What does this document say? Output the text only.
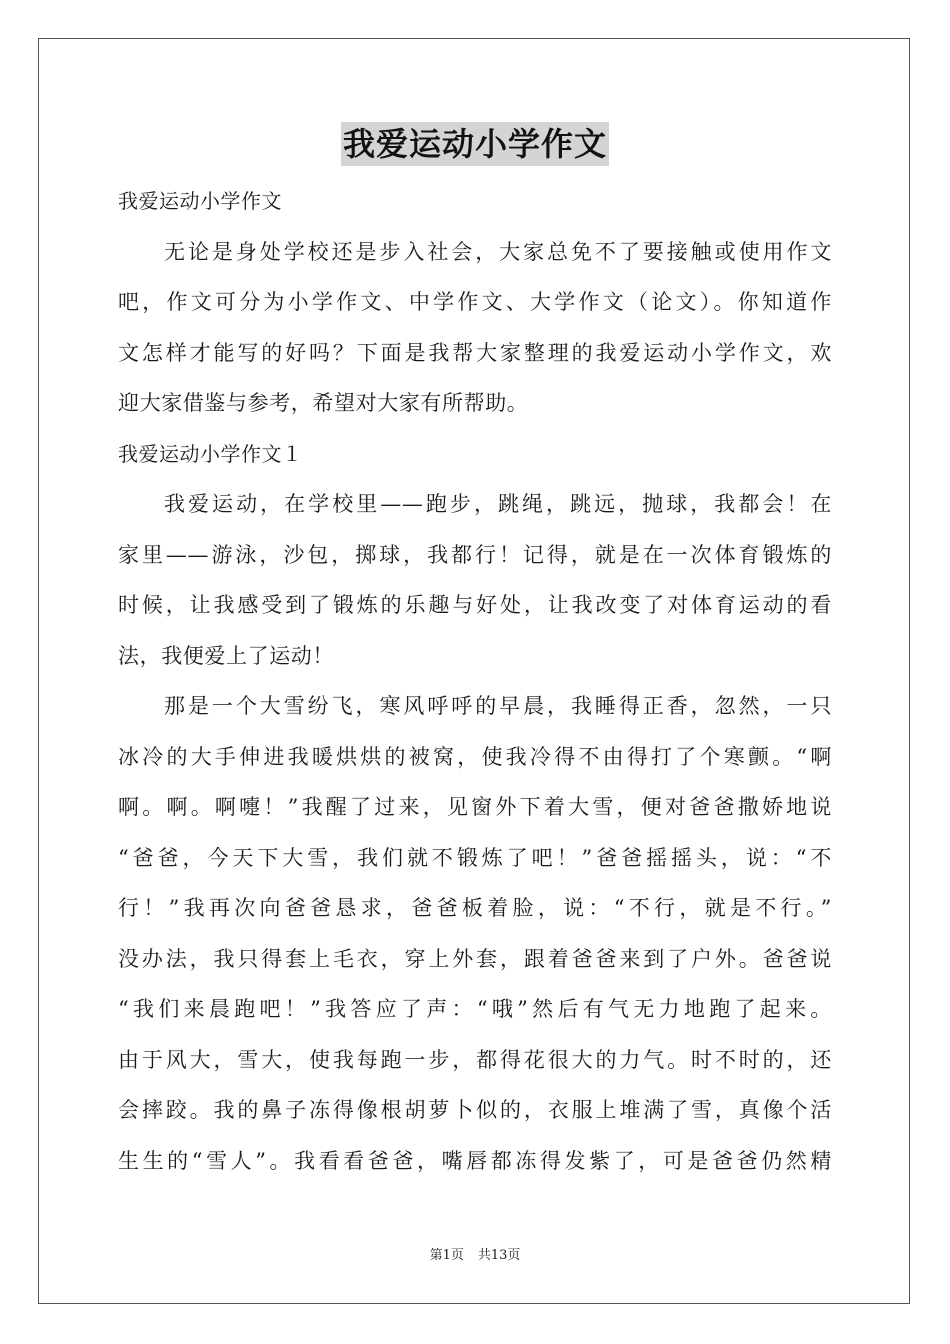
我爱运动小学作文
我爱运动小学作文
无论是身处学校还是步入社会，大家总免不了要接触或使用作文
吧，作文可分为小学作文、中学作文、大学作文（论文）。你知道作
文怎样才能写的好吗？下面是我帮大家整理的我爱运动小学作文，欢
迎大家借鉴与参考，希望对大家有所帮助。
我爱运动小学作文１
我爱运动，在学校里——跑步，跳绳，跳远，抛球，我都会！在
家里——游泳，沙包，掷球，我都行！记得，就是在一次体育锻炼的
时候，让我感受到了锻炼的乐趣与好处，让我改变了对体育运动的看
法，我便爱上了运动！
那是一个大雪纷飞，寒风呼呼的早晨，我睡得正香，忽然，一只
冰冷的大手伸进我暖烘烘的被窝，使我冷得不由得打了个寒颤。“啊
啊。啊。啊嚏！”我醒了过来，见窗外下着大雪，便对爸爸撒娇地说
“爸爸，今天下大雪，我们就不锻炼了吧！”爸爸摇摇头，说：“不
行！”我再次向爸爸恳求，爸爸板着脸，说：“不行，就是不行。”
没办法，我只得套上毛衣，穿上外套，跟着爸爸来到了户外。爸爸说
“我们来晨跑吧！”我答应了声：“哦”然后有气无力地跑了起来。
由于风大，雪大，使我每跑一步，都得花很大的力气。时不时的，还
会摔跤。我的鼻子冻得像根胡萝卜似的，衣服上堆满了雪，真像个活
生生的“雪人”。我看看爸爸，嘴唇都冻得发紫了，可是爸爸仍然精
第1页 共13页
